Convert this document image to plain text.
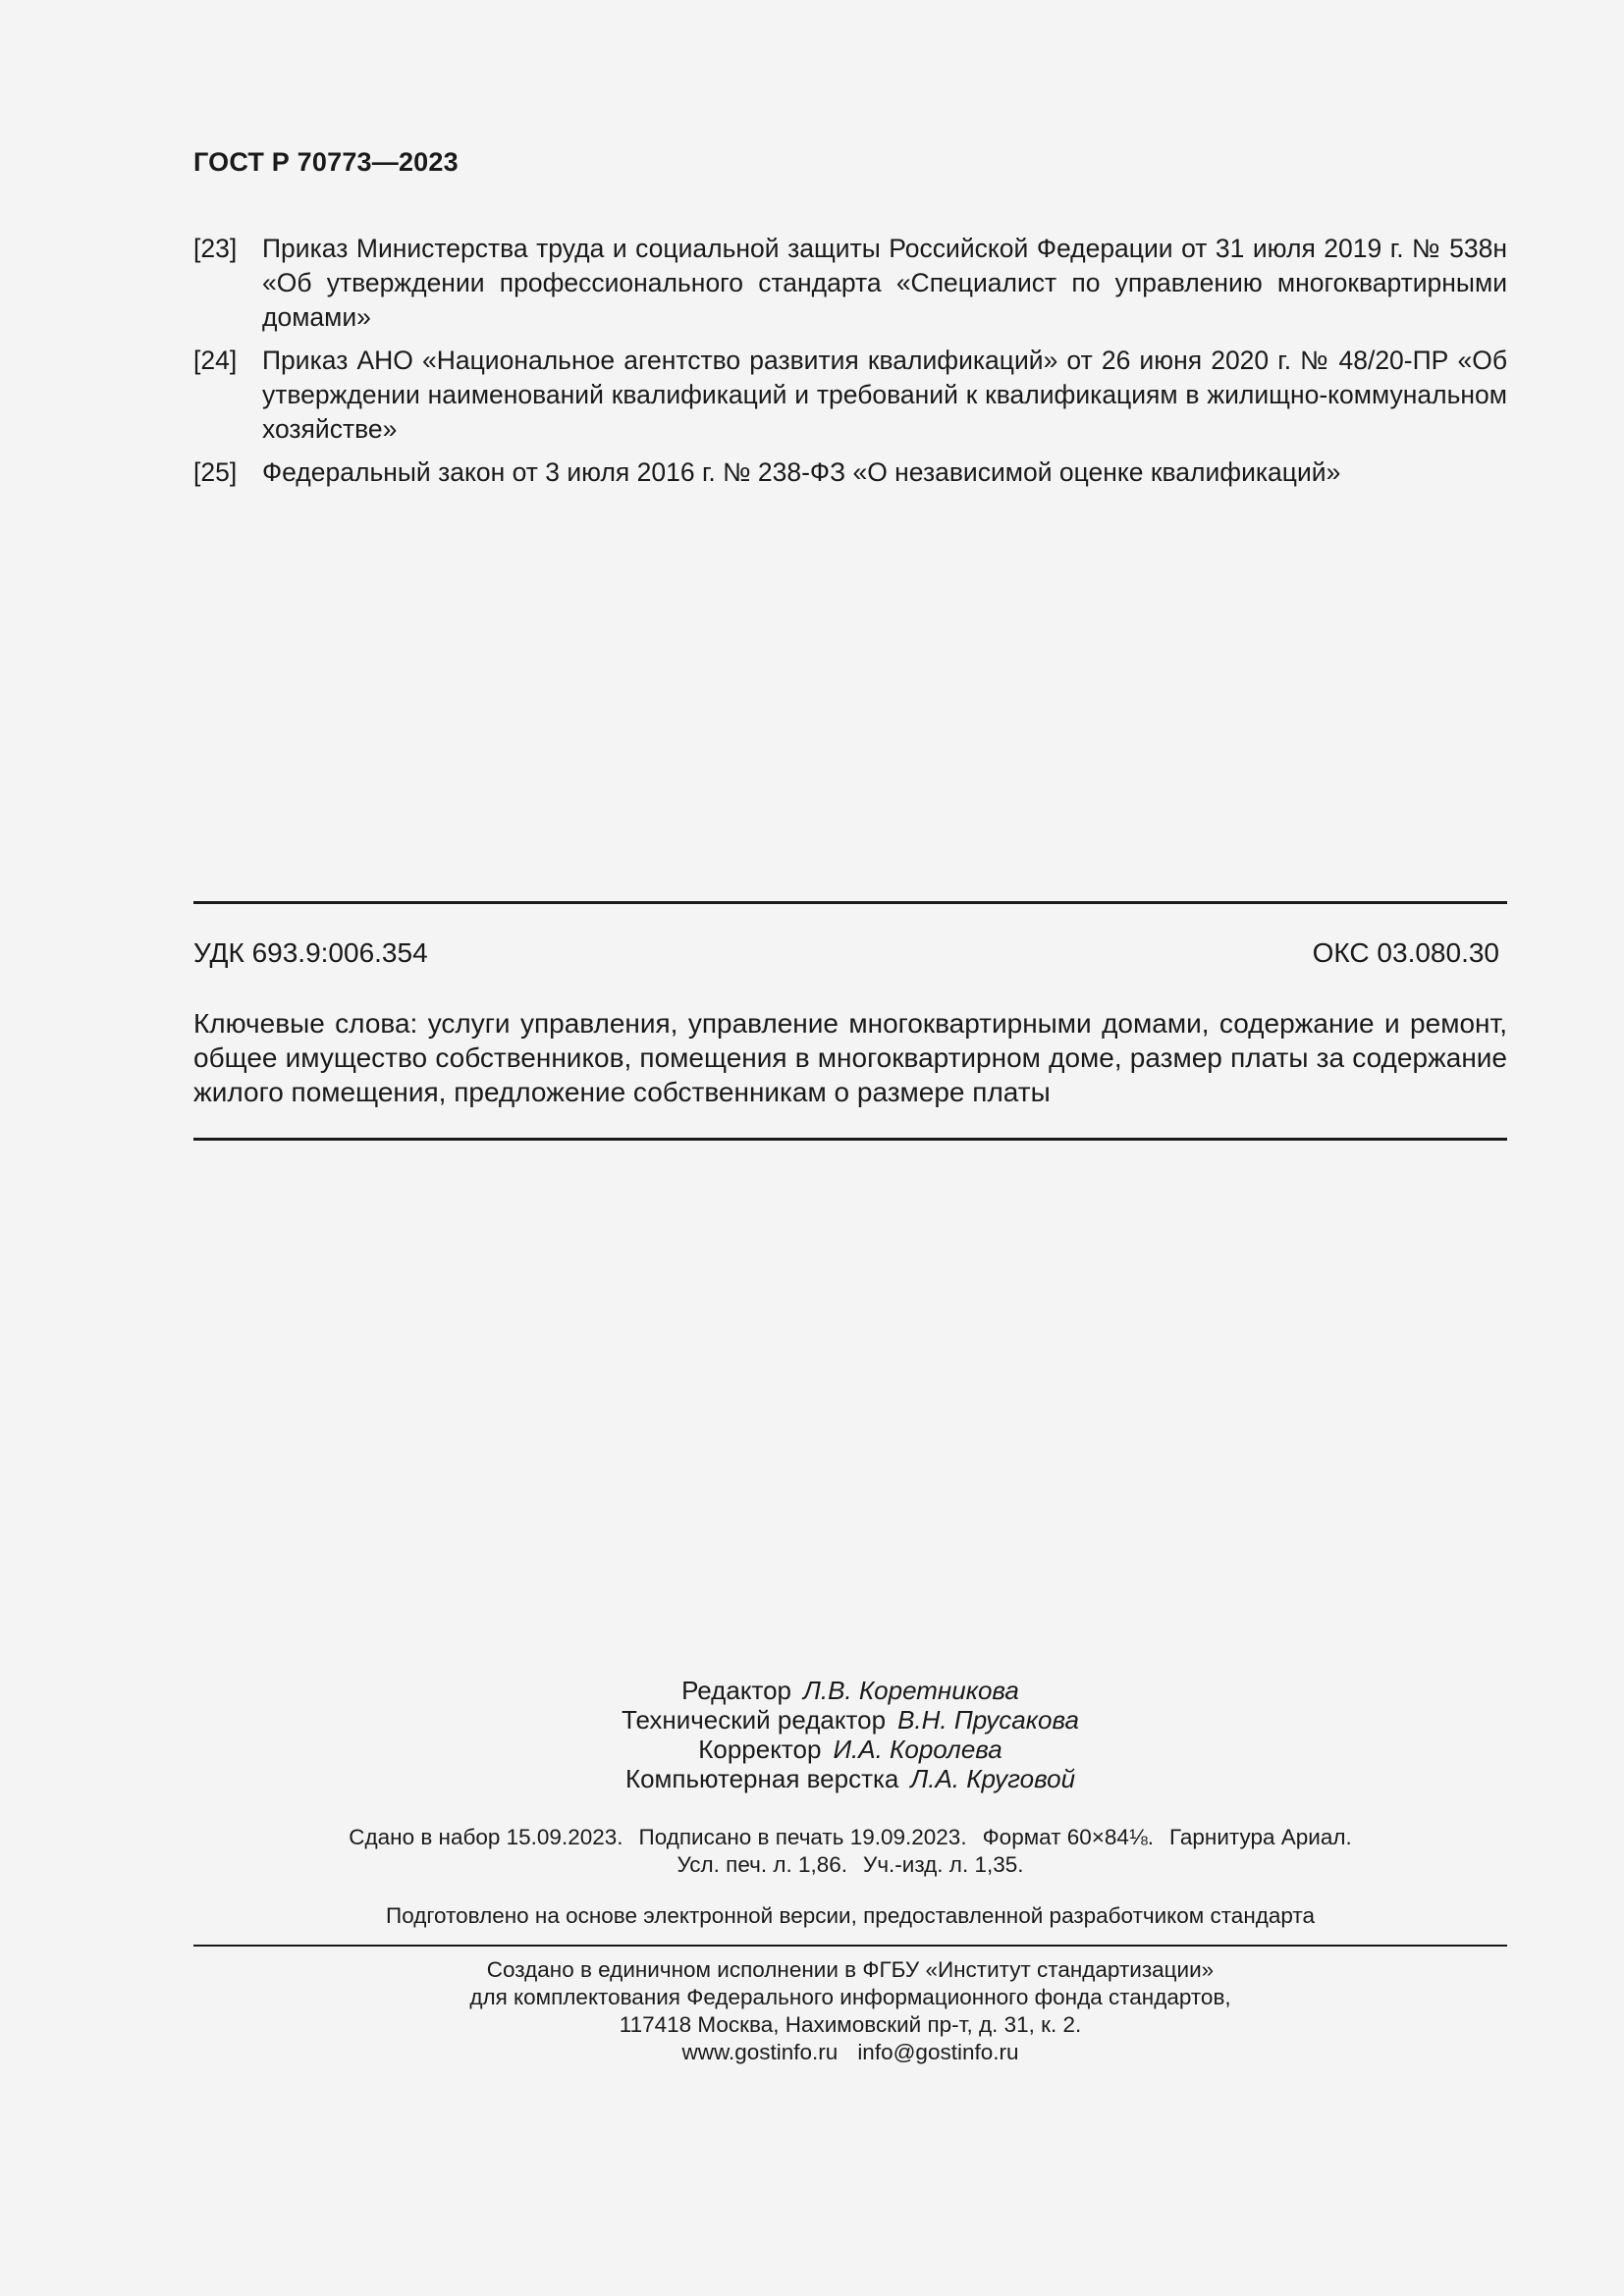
ГОСТ Р 70773—2023
[23] Приказ Министерства труда и социальной защиты Российской Федерации от 31 июля 2019 г. № 538н «Об утверждении профессионального стандарта «Специалист по управлению многоквартирными домами»
[24] Приказ АНО «Национальное агентство развития квалификаций» от 26 июня 2020 г. № 48/20-ПР «Об утверждении наименований квалификаций и требований к квалификациям в жилищно-коммунальном хозяйстве»
[25] Федеральный закон от 3 июля 2016 г. № 238-ФЗ «О независимой оценке квалификаций»
УДК 693.9:006.354	ОКС 03.080.30
Ключевые слова: услуги управления, управление многоквартирными домами, содержание и ремонт, общее имущество собственников, помещения в многоквартирном доме, размер платы за содержание жилого помещения, предложение собственникам о размере платы
Редактор Л.В. Коретникова
Технический редактор В.Н. Прусакова
Корректор И.А. Королева
Компьютерная верстка Л.А. Круговой
Сдано в набор 15.09.2023. Подписано в печать 19.09.2023. Формат 60×84⅛. Гарнитура Ариал.
Усл. печ. л. 1,86. Уч.-изд. л. 1,35.
Подготовлено на основе электронной версии, предоставленной разработчиком стандарта
Создано в единичном исполнении в ФГБУ «Институт стандартизации»
для комплектования Федерального информационного фонда стандартов,
117418 Москва, Нахимовский пр-т, д. 31, к. 2.
www.gostinfo.ru info@gostinfo.ru
